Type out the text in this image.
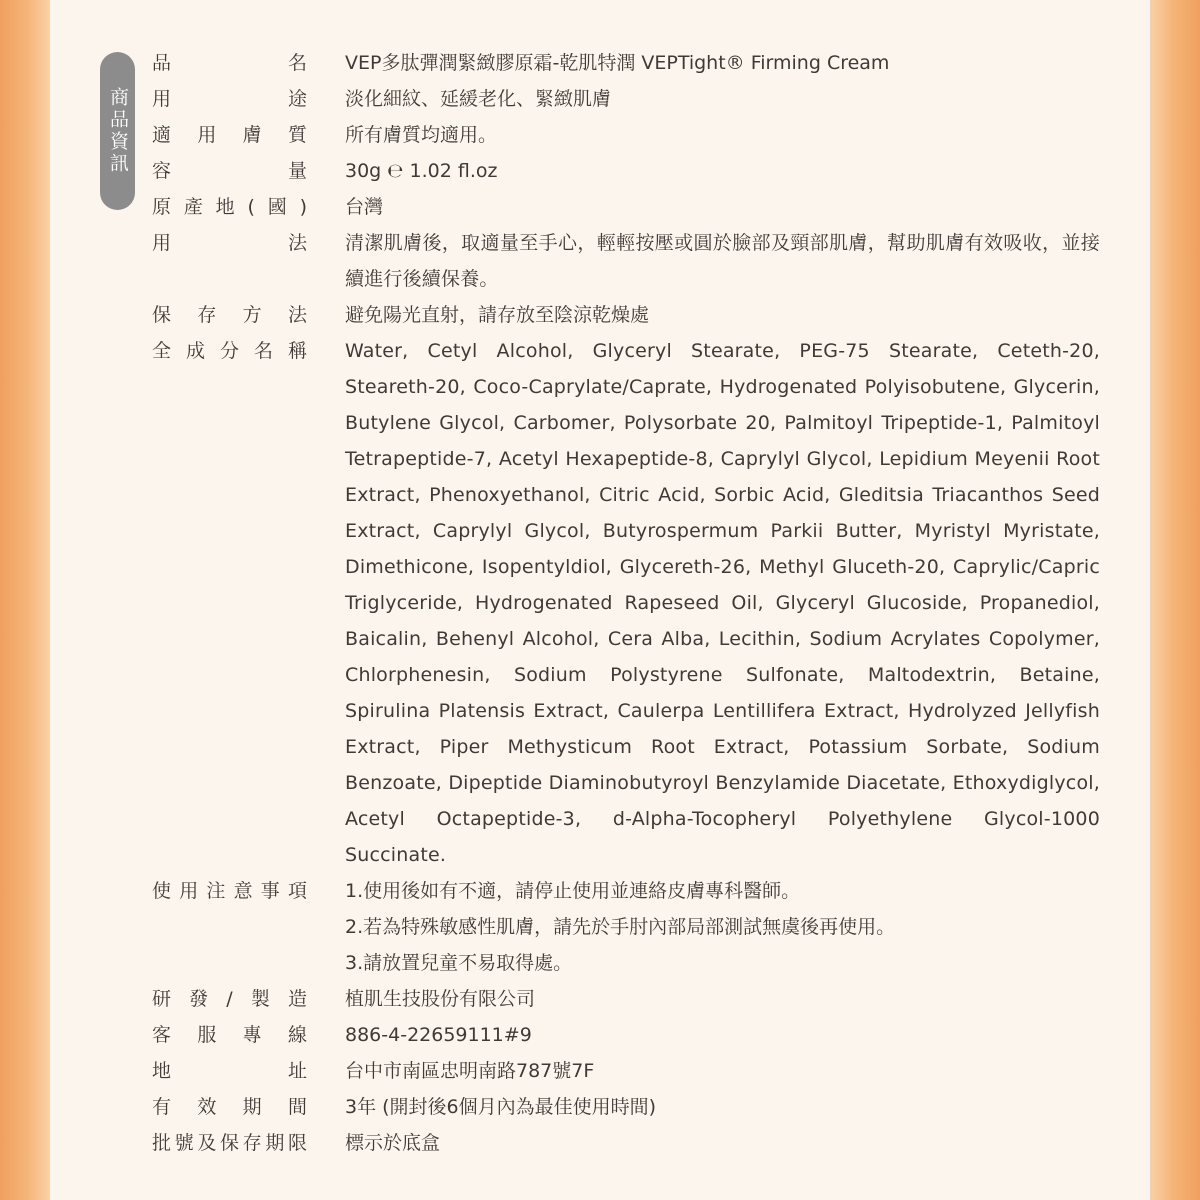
商品資訊
品名 VEP多肽彈潤緊緻膠原霜-乾肌特潤 VEPTight® Firming Cream
用途 淡化細紋、延緩老化、緊緻肌膚
適用膚質 所有膚質均適用。
容量 30g ℮ 1.02 fl.oz
原產地(國) 台灣
用法 清潔肌膚後，取適量至手心，輕輕按壓或圓於臉部及頸部肌膚，幫助肌膚有效吸收，並接續進行後續保養。
保存方法 避免陽光直射，請存放至陰涼乾燥處
全成分名稱 Water, Cetyl Alcohol, Glyceryl Stearate, PEG-75 Stearate, Ceteth-20, Steareth-20, Coco-Caprylate/Caprate, Hydrogenated Polyisobutene, Glycerin, Butylene Glycol, Carbomer, Polysorbate 20, Palmitoyl Tripeptide-1, Palmitoyl Tetrapeptide-7, Acetyl Hexapeptide-8, Caprylyl Glycol, Lepidium Meyenii Root Extract, Phenoxyethanol, Citric Acid, Sorbic Acid, Gleditsia Triacanthos Seed Extract, Caprylyl Glycol, Butyrospermum Parkii Butter, Myristyl Myristate, Dimethicone, Isopentyldiol, Glycereth-26, Methyl Gluceth-20, Caprylic/Capric Triglyceride, Hydrogenated Rapeseed Oil, Glyceryl Glucoside, Propanediol, Baicalin, Behenyl Alcohol, Cera Alba, Lecithin, Sodium Acrylates Copolymer, Chlorphenesin, Sodium Polystyrene Sulfonate, Maltodextrin, Betaine, Spirulina Platensis Extract, Caulerpa Lentillifera Extract, Hydrolyzed Jellyfish Extract, Piper Methysticum Root Extract, Potassium Sorbate, Sodium Benzoate, Dipeptide Diaminobutyroyl Benzylamide Diacetate, Ethoxydiglycol, Acetyl Octapeptide-3, d-Alpha-Tocopheryl Polyethylene Glycol-1000 Succinate.
使用注意事項 1.使用後如有不適，請停止使用並連絡皮膚專科醫師。
2.若為特殊敏感性肌膚，請先於手肘內部局部測試無虞後再使用。
3.請放置兒童不易取得處。
研發/製造 植肌生技股份有限公司
客服專線 886-4-22659111#9
地址 台中市南區忠明南路787號7F
有效期間 3年 (開封後6個月內為最佳使用時間)
批號及保存期限 標示於底盒
